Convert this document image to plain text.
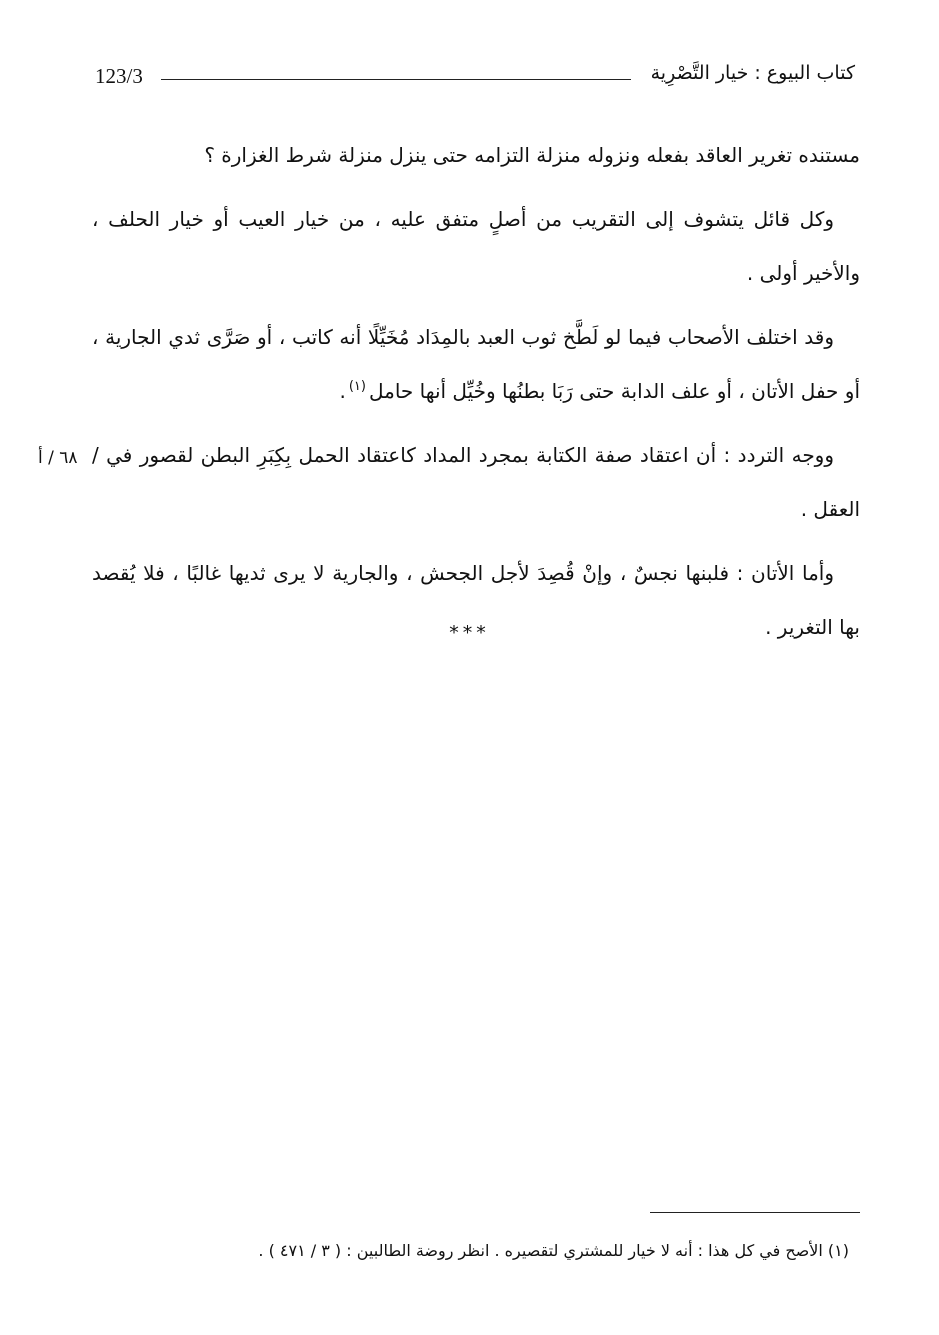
123/3	كتاب البيوع : خيار التَّصْرِية

مستنده تغرير العاقد بفعله ونزوله منزلة التزامه حتى ينزل منزلة شرط الغزارة ؟

وكل قائل يتشوف إلى التقريب من أصلٍ متفق عليه ، من خيار العيب أو خيار الحلف ، والأخير أولى .

وقد اختلف الأصحاب فيما لو لَطَّخ ثوب العبد بالمِدَاد مُخَيِّلًا أنه كاتب ، أو صَرَّى ثدي الجارية ، أو حفل الأتان ، أو علف الدابة حتى رَبَا بطنُها وخُيِّل أنها حامل$^{(١)}$.

ووجه التردد : أن اعتقاد صفة الكتابة بمجرد المداد كاعتقاد الحمل بِكِبَرِ البطن لقصور في / العقل .

وأما الأتان : فلبنها نجسٌ ، وإنْ قُصِدَ لأجل الجحش ، والجارية لا يرى ثديها غالبًا ، فلا يُقصد بها التغرير .

٦٨ / أ
***
(١) الأصح في كل هذا : أنه لا خيار للمشتري لتقصيره . انظر روضة الطالبين : ( ٣ / ٤٧١ ) .
